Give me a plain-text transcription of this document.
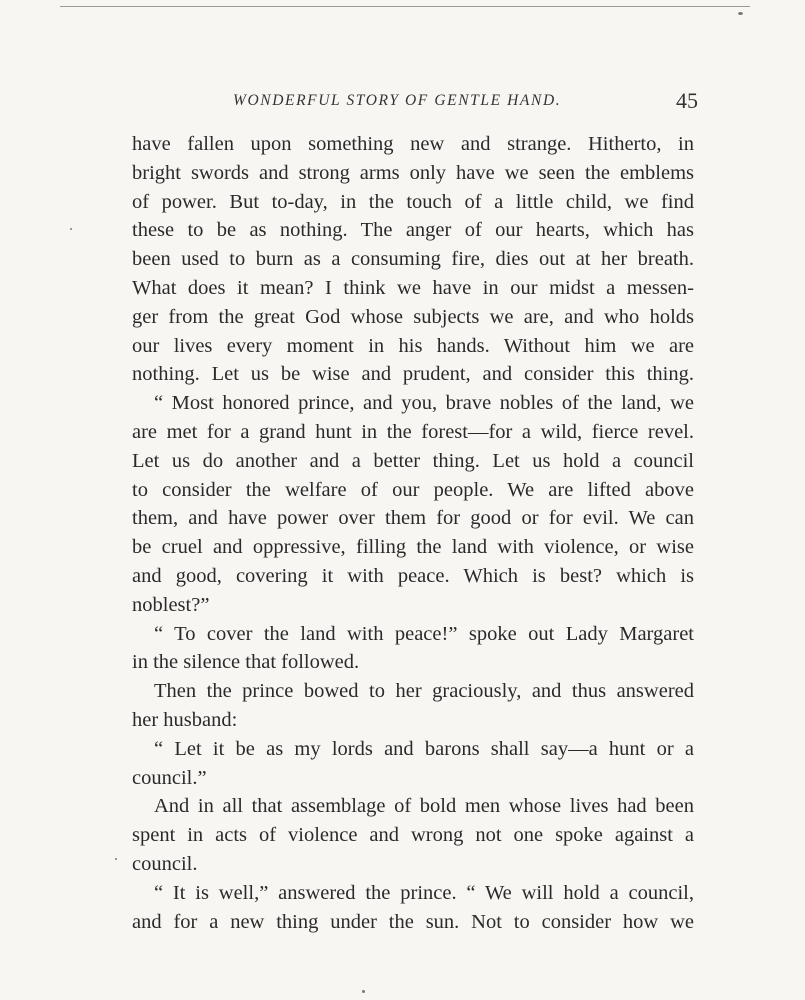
WONDERFUL STORY OF GENTLE HAND.	45
have fallen upon something new and strange. Hitherto, in
bright swords and strong arms only have we seen the emblems
of power. But to-day, in the touch of a little child, we find
these to be as nothing. The anger of our hearts, which has
been used to burn as a consuming fire, dies out at her breath.
What does it mean? I think we have in our midst a messen-
ger from the great God whose subjects we are, and who holds
our lives every moment in his hands. Without him we are
nothing. Let us be wise and prudent, and consider this thing.
“ Most honored prince, and you, brave nobles of the land, we
are met for a grand hunt in the forest—for a wild, fierce revel.
Let us do another and a better thing. Let us hold a council
to consider the welfare of our people. We are lifted above
them, and have power over them for good or for evil. We can
be cruel and oppressive, filling the land with violence, or wise
and good, covering it with peace. Which is best? which is
noblest?”
“ To cover the land with peace!” spoke out Lady Margaret
in the silence that followed.
Then the prince bowed to her graciously, and thus answered
her husband:
“ Let it be as my lords and barons shall say—a hunt or a
council.”
And in all that assemblage of bold men whose lives had been
spent in acts of violence and wrong not one spoke against a
council.
“ It is well,” answered the prince. “ We will hold a council,
and for a new thing under the sun. Not to consider how we
